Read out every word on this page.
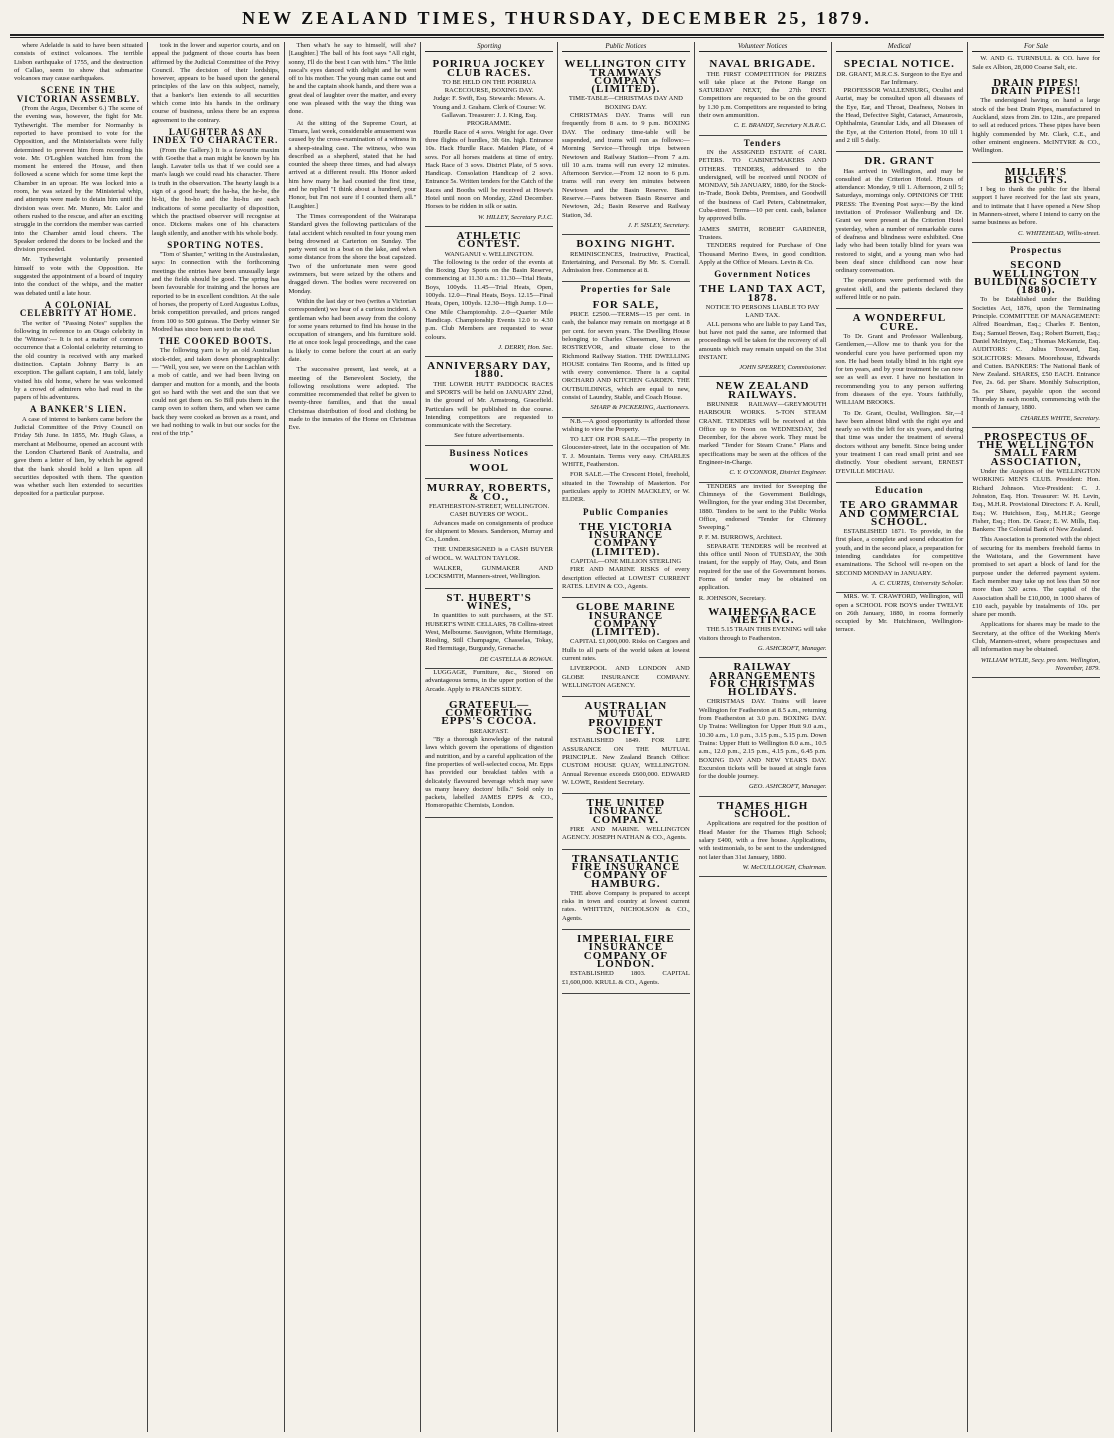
NEW ZEALAND TIMES, THURSDAY, DECEMBER 25, 1879.
where Adelaide is said to have been situated consists of extinct volcanoes. The terrible Lisbon earthquake of 1755, and the destruction of Callao, seem to show that submarine volcanoes may cause earthquakes.
SCENE IN THE VICTORIAN ASSEMBLY.
(From the Argus, December 6.) The scene of the evening was, however, the fight for Mr. Tythewright. The member for Normanby is reported to have promised to vote for the Opposition, and the Ministerialists were fully determined to prevent him from recording his vote. Mr. O'Loghlen watched him from the moment he entered the House, and then followed a scene which for some time kept the Chamber in an uproar. He was locked into a room, he was seized by the Ministerial whip, and attempts were made to detain him until the division was over. Mr. Munro, Mr. Lalor and others rushed to the rescue, and after an exciting struggle in the corridors the member was carried into the Chamber amid loud cheers. The Speaker ordered the doors to be locked and the division proceeded.
Mr. Tythewright voluntarily presented himself to vote with the Opposition. He suggested the appointment of a board of inquiry into the conduct of the whips, and the matter was debated until a late hour.
A COLONIAL CELEBRITY AT HOME.
The writer of "Passing Notes" supplies the following in reference to an Otago celebrity in the 'Witness':— It is not a matter of common occurrence that a Colonial celebrity returning to the old country is received with any marked distinction. Captain Johnny Barry is an exception. The gallant captain, I am told, lately visited his old home, where he was welcomed by a crowd of admirers who had read in the papers of his adventures.
A BANKER'S LIEN.
A case of interest to bankers came before the Judicial Committee of the Privy Council on Friday 5th June. In 1855, Mr. Hugh Glass, a merchant at Melbourne, opened an account with the London Chartered Bank of Australia, and gave them a letter of lien, by which he agreed that the bank should hold a lien upon all securities deposited with them. The question was whether such lien extended to securities deposited for a particular purpose.
took in the lower and superior courts, and on appeal the judgment of those courts has been affirmed by the Judicial Committee of the Privy Council. The decision of their lordships, however, appears to be based upon the general principles of the law on this subject, namely, that a banker's lien extends to all securities which come into his hands in the ordinary course of business, unless there be an express agreement to the contrary.
LAUGHTER AS AN INDEX TO CHARACTER.
(From the Gallery.) It is a favourite maxim with Goethe that a man might be known by his laugh. Lavater tells us that if we could see a man's laugh we could read his character. There is truth in the observation. The hearty laugh is a sign of a good heart; the ha-ha, the he-he, the hi-hi, the ho-ho and the hu-hu are each indications of some peculiarity of disposition, which the practised observer will recognise at once. Dickens makes one of his characters laugh silently, and another with his whole body.
SPORTING NOTES.
"Tom o' Shanter," writing in the Australasian, says: In connection with the forthcoming meetings the entries have been unusually large and the fields should be good. The spring has been favourable for training and the horses are reported to be in excellent condition. At the sale of horses, the property of Lord Augustus Loftus, brisk competition prevailed, and prices ranged from 100 to 500 guineas. The Derby winner Sir Modred has since been sent to the stud.
THE COOKED BOOTS.
The following yarn is by an old Australian stock-rider, and taken down phonographically:— "Well, you see, we were on the Lachlan with a mob of cattle, and we had been living on damper and mutton for a month, and the boots got so hard with the wet and the sun that we could not get them on. So Bill puts them in the camp oven to soften them, and when we came back they were cooked as brown as a roast, and we had nothing to walk in but our socks for the rest of the trip."
Then what's he say to himself, will she? [Laughter.] The ball of his foot says "All right, sonny, I'll do the best I can with him." The little rascal's eyes danced with delight and he went off to his mother. The young man came out and he and the captain shook hands, and there was a great deal of laughter over the matter, and every one was pleased with the way the thing was done.
At the sitting of the Supreme Court, at Timaru, last week, considerable amusement was caused by the cross-examination of a witness in a sheep-stealing case. The witness, who was described as a shepherd, stated that he had counted the sheep three times, and had always arrived at a different result. His Honor asked him how many he had counted the first time, and he replied "I think about a hundred, your Honor, but I'm not sure if I counted them all." [Laughter.]
The Times correspondent of the Wairarapa Standard gives the following particulars of the fatal accident which resulted in four young men being drowned at Carterton on Sunday. The party went out in a boat on the lake, and when some distance from the shore the boat capsized. Two of the unfortunate men were good swimmers, but were seized by the others and dragged down. The bodies were recovered on Monday.
Within the last day or two (writes a Victorian correspondent) we hear of a curious incident. A gentleman who had been away from the colony for some years returned to find his house in the occupation of strangers, and his furniture sold. He at once took legal proceedings, and the case is likely to come before the court at an early date.
The successive present, last week, at a meeting of the Benevolent Society, the following resolutions were adopted. The committee recommended that relief be given to twenty-three families, and that the usual Christmas distribution of food and clothing be made to the inmates of the Home on Christmas Eve.
Sporting
PORIRUA JOCKEY CLUB RACES.
TO BE HELD ON THE PORIRUA RACECOURSE, BOXING DAY.
Judge: F. Swift, Esq. Stewards: Messrs. A. Young and J. Graham. Clerk of Course: W. Gallavan. Treasurer: J. J. King, Esq.
PROGRAMME.
Hurdle Race of 4 sovs. Weight for age. Over three flights of hurdles, 3ft 6in. high. Entrance 10s. Hack Hurdle Race. Maiden Plate, of 4 sovs. For all horses maidens at time of entry. Hack Race of 3 sovs. District Plate, of 5 sovs. Handicap. Consolation Handicap of 2 sovs. Entrance 5s. Written tenders for the Catch of the Races and Booths will be received at Howe's Hotel until noon on Monday, 22nd December. Horses to be ridden in silk or satin.
W. HILLEY, Secretary P.J.C.
ATHLETIC CONTEST.
WANGANUI v. WELLINGTON.
The following is the order of the events at the Boxing Day Sports on the Basin Reserve, commencing at 11.30 a.m.: 11.30—Trial Heats, Boys, 100yds. 11.45—Trial Heats, Open, 100yds. 12.0—Final Heats, Boys. 12.15—Final Heats, Open, 100yds. 12.30—High Jump. 1.0—One Mile Championship. 2.0—Quarter Mile Handicap. Championship Events 12.0 to 4.30 p.m. Club Members are requested to wear colours.
J. DERRY, Hon. Sec.
ANNIVERSARY DAY, 1880.
THE LOWER HUTT PADDOCK RACES and SPORTS will be held on JANUARY 22nd, in the ground of Mr. Armstrong, Gracefield. Particulars will be published in due course. Intending competitors are requested to communicate with the Secretary.
See future advertisements.
Business Notices
WOOL
MURRAY, ROBERTS, & CO.,
FEATHERSTON-STREET, WELLINGTON. CASH BUYERS OF WOOL.
Advances made on consignments of produce for shipment to Messrs. Sanderson, Murray and Co., London.
THE UNDERSIGNED is a CASH BUYER of WOOL. W. WALTON TAYLOR.
WALKER, GUNMAKER AND LOCKSMITH, Manners-street, Wellington.
ST. HUBERT'S WINES,
In quantities to suit purchasers, at the ST. HUBERT'S WINE CELLARS, 78 Collins-street West, Melbourne. Sauvignon, White Hermitage, Riesling, Still Champagne, Chasselas, Tokay, Red Hermitage, Burgundy, Grenache.
DE CASTELLA & ROWAN.
LUGGAGE, Furniture, &c., Stored on advantageous terms, in the upper portion of the Arcade. Apply to FRANCIS SIDEY.
GRATEFUL—COMFORTING EPPS'S COCOA.
BREAKFAST.
"By a thorough knowledge of the natural laws which govern the operations of digestion and nutrition, and by a careful application of the fine properties of well-selected cocoa, Mr. Epps has provided our breakfast tables with a delicately flavoured beverage which may save us many heavy doctors' bills." Sold only in packets, labelled JAMES EPPS & CO., Homœopathic Chemists, London.
Public Notices
WELLINGTON CITY TRAMWAYS COMPANY (LIMITED).
TIME-TABLE—CHRISTMAS DAY AND BOXING DAY.
CHRISTMAS DAY. Trams will run frequently from 8 a.m. to 9 p.m. BOXING DAY. The ordinary time-table will be suspended, and trams will run as follows:— Morning Service—Through trips between Newtown and Railway Station—From 7 a.m. till 10 a.m. trams will run every 12 minutes. Afternoon Service.—From 12 noon to 6 p.m. trams will run every ten minutes between Newtown and the Basin Reserve. Basin Reserve.—Fares between Basin Reserve and Newtown, 2d.; Basin Reserve and Railway Station, 3d.
J. F. SISLEY, Secretary.
BOXING NIGHT.
REMINISCENCES, Instructive, Practical, Entertaining, and Personal. By Mr. S. Corrall. Admission free. Commence at 8.
Properties for Sale
FOR SALE,
PRICE £2500.—TERMS—15 per cent. in cash, the balance may remain on mortgage at 8 per cent. for seven years. The Dwelling House belonging to Charles Cheeseman, known as ROSTREVOR, and situate close to the Richmond Railway Station. THE DWELLING HOUSE contains Ten Rooms, and is fitted up with every convenience. There is a capital ORCHARD AND KITCHEN GARDEN. THE OUTBUILDINGS, which are equal to new, consist of Laundry, Stable, and Coach House.
SHARP & PICKERING, Auctioneers.
N.B.—A good opportunity is afforded those wishing to view the Property.
TO LET OR FOR SALE.—The property in Gloucester-street, late in the occupation of Mr. T. J. Mountain. Terms very easy. CHARLES WHITE, Featherston.
FOR SALE.—The Crescent Hotel, freehold, situated in the Township of Masterton. For particulars apply to JOHN MACKLEY, or W. ELDER.
Public Companies
THE VICTORIA INSURANCE COMPANY (LIMITED).
CAPITAL—ONE MILLION STERLING
FIRE AND MARINE RISKS of every description effected at LOWEST CURRENT RATES. LEVIN & CO., Agents.
GLOBE MARINE INSURANCE COMPANY (LIMITED).
CAPITAL £1,000,000. Risks on Cargoes and Hulls to all parts of the world taken at lowest current rates.
LIVERPOOL AND LONDON AND GLOBE INSURANCE COMPANY. WELLINGTON AGENCY.
AUSTRALIAN MUTUAL PROVIDENT SOCIETY.
ESTABLISHED 1849. FOR LIFE ASSURANCE ON THE MUTUAL PRINCIPLE. New Zealand Branch Office: CUSTOM HOUSE QUAY, WELLINGTON. Annual Revenue exceeds £600,000. EDWARD W. LOWE, Resident Secretary.
THE UNITED INSURANCE COMPANY.
FIRE AND MARINE. WELLINGTON AGENCY. JOSEPH NATHAN & CO., Agents.
TRANSATLANTIC FIRE INSURANCE COMPANY OF HAMBURG.
THE above Company is prepared to accept risks in town and country at lowest current rates. WHITTEN, NICHOLSON & CO., Agents.
IMPERIAL FIRE INSURANCE COMPANY OF LONDON.
ESTABLISHED 1803. CAPITAL £1,600,000. KRULL & CO., Agents.
Volunteer Notices
NAVAL BRIGADE.
THE FIRST COMPETITION for PRIZES will take place at the Petone Range on SATURDAY NEXT, the 27th INST. Competitors are requested to be on the ground by 1.30 p.m. Competitors are requested to bring their own ammunition.
C. E. BRANDT, Secretary N.B.R.C.
Tenders
IN the ASSIGNED ESTATE of CARL PETERS. TO CABINETMAKERS AND OTHERS. TENDERS, addressed to the undersigned, will be received until NOON of MONDAY, 5th JANUARY, 1880, for the Stock-in-Trade, Book Debts, Premises, and Goodwill of the business of Carl Peters, Cabinetmaker, Cuba-street. Terms—10 per cent. cash, balance by approved bills.
JAMES SMITH, ROBERT GARDNER, Trustees.
TENDERS required for Purchase of One Thousand Merino Ewes, in good condition. Apply at the Office of Messrs. Levin & Co.
Government Notices
THE LAND TAX ACT, 1878.
NOTICE TO PERSONS LIABLE TO PAY LAND TAX.
ALL persons who are liable to pay Land Tax, but have not paid the same, are informed that proceedings will be taken for the recovery of all amounts which may remain unpaid on the 31st INSTANT.
JOHN SPERREY, Commissioner.
NEW ZEALAND RAILWAYS.
BRUNNER RAILWAY—GREYMOUTH HARBOUR WORKS. 5-TON STEAM CRANE. TENDERS will be received at this Office up to Noon on WEDNESDAY, 3rd December, for the above work. They must be marked "Tender for Steam Crane." Plans and specifications may be seen at the offices of the Engineer-in-Charge.
C. Y. O'CONNOR, District Engineer.
TENDERS are invited for Sweeping the Chimneys of the Government Buildings, Wellington, for the year ending 31st December, 1880. Tenders to be sent to the Public Works Office, endorsed "Tender for Chimney Sweeping."
P. F. M. BURROWS, Architect.
SEPARATE TENDERS will be received at this office until Noon of TUESDAY, the 30th instant, for the supply of Hay, Oats, and Bran required for the use of the Government horses. Forms of tender may be obtained on application.
R. JOHNSON, Secretary.
WAIHENGA RACE MEETING.
THE 5.15 TRAIN THIS EVENING will take visitors through to Featherston.
G. ASHCROFT, Manager.
RAILWAY ARRANGEMENTS FOR CHRISTMAS HOLIDAYS.
CHRISTMAS DAY. Trains will leave Wellington for Featherston at 8.5 a.m., returning from Featherston at 3.0 p.m. BOXING DAY. Up Trains: Wellington for Upper Hutt 9.0 a.m., 10.30 a.m., 1.0 p.m., 3.15 p.m., 5.15 p.m. Down Trains: Upper Hutt to Wellington 8.0 a.m., 10.5 a.m., 12.0 p.m., 2.15 p.m., 4.15 p.m., 6.45 p.m. BOXING DAY AND NEW YEAR'S DAY. Excursion tickets will be issued at single fares for the double journey.
GEO. ASHCROFT, Manager.
THAMES HIGH SCHOOL.
Applications are required for the position of Head Master for the Thames High School; salary £400, with a free house. Applications, with testimonials, to be sent to the undersigned not later than 31st January, 1880.
W. McCULLOUGH, Chairman.
Medical
SPECIAL NOTICE.
DR. GRANT, M.R.C.S. Surgeon to the Eye and Ear Infirmary.
PROFESSOR WALLENBURG, Oculist and Aurist, may be consulted upon all diseases of the Eye, Ear, and Throat, Deafness, Noises in the Head, Defective Sight, Cataract, Amaurosis, Ophthalmia, Granular Lids, and all Diseases of the Eye, at the Criterion Hotel, from 10 till 1 and 2 till 5 daily.
DR. GRANT
Has arrived in Wellington, and may be consulted at the Criterion Hotel. Hours of attendance: Monday, 9 till 1. Afternoon, 2 till 5; Saturdays, mornings only. OPINIONS OF THE PRESS: The Evening Post says:—By the kind invitation of Professor Wallenburg and Dr. Grant we were present at the Criterion Hotel yesterday, when a number of remarkable cures of deafness and blindness were exhibited. One lady who had been totally blind for years was restored to sight, and a young man who had been deaf since childhood can now hear ordinary conversation.
The operations were performed with the greatest skill, and the patients declared they suffered little or no pain.
A WONDERFUL CURE.
To Dr. Grant and Professor Wallenburg. Gentlemen,—Allow me to thank you for the wonderful cure you have performed upon my son. He had been totally blind in his right eye for ten years, and by your treatment he can now see as well as ever. I have no hesitation in recommending you to any person suffering from diseases of the eye. Yours faithfully, WILLIAM BROOKS.
To Dr. Grant, Oculist, Wellington. Sir,—I have been almost blind with the right eye and nearly so with the left for six years, and during that time was under the treatment of several doctors without any benefit. Since being under your treatment I can read small print and see distinctly. Your obedient servant, ERNEST D'EVILLE MICHAU.
Education
TE ARO GRAMMAR AND COMMERCIAL SCHOOL.
ESTABLISHED 1871. To provide, in the first place, a complete and sound education for youth, and in the second place, a preparation for intending candidates for competitive examinations. The School will re-open on the SECOND MONDAY in JANUARY.
A. C. CURTIS, University Scholar.
MRS. W. T. CRAWFORD, Wellington, will open a SCHOOL FOR BOYS under TWELVE on 26th January, 1880, in rooms formerly occupied by Mr. Hutchinson, Wellington-terrace.
For Sale
W. AND G. TURNBULL & CO. have for Sale ex Albion, 28,000 Coarse Salt, etc.
DRAIN PIPES! DRAIN PIPES!!
The undersigned having on hand a large stock of the best Drain Pipes, manufactured in Auckland, sizes from 2in. to 12in., are prepared to sell at reduced prices. These pipes have been highly commended by Mr. Clark, C.E., and other eminent engineers. McINTYRE & CO., Wellington.
MILLER'S BISCUITS.
I beg to thank the public for the liberal support I have received for the last six years, and to intimate that I have opened a New Shop in Manners-street, where I intend to carry on the same business as before.
C. WHITEHEAD, Willis-street.
Prospectus
SECOND WELLINGTON BUILDING SOCIETY (1880).
To be Established under the Building Societies Act, 1876, upon the Terminating Principle. COMMITTEE OF MANAGEMENT: Alfred Boardman, Esq.; Charles F. Benton, Esq.; Samuel Brown, Esq.; Robert Burrett, Esq.; Daniel McIntyre, Esq.; Thomas McKenzie, Esq. AUDITORS: C. Julius Toxward, Esq. SOLICITORS: Messrs. Moorehouse, Edwards and Cutten. BANKERS: The National Bank of New Zealand. SHARES, £50 EACH. Entrance Fee, 2s. 6d. per Share. Monthly Subscription, 5s. per Share, payable upon the second Thursday in each month, commencing with the month of January, 1880.
CHARLES WHITE, Secretary.
PROSPECTUS OF THE WELLINGTON SMALL FARM ASSOCIATION,
Under the Auspices of the WELLINGTON WORKING MEN'S CLUB. President: Hon. Richard Johnson. Vice-President: C. J. Johnston, Esq. Hon. Treasurer: W. H. Levin, Esq., M.H.R. Provisional Directors: F. A. Krull, Esq.; W. Hutchison, Esq., M.H.R.; George Fisher, Esq.; Hon. Dr. Grace; E. W. Mills, Esq. Bankers: The Colonial Bank of New Zealand.
This Association is promoted with the object of securing for its members freehold farms in the Waitotara, and the Government have promised to set apart a block of land for the purpose under the deferred payment system. Each member may take up not less than 50 nor more than 320 acres. The capital of the Association shall be £10,000, in 1000 shares of £10 each, payable by instalments of 10s. per share per month.
Applications for shares may be made to the Secretary, at the office of the Working Men's Club, Manners-street, where prospectuses and all information may be obtained.
WILLIAM WYLIE, Secy. pro tem. Wellington, November, 1879.
